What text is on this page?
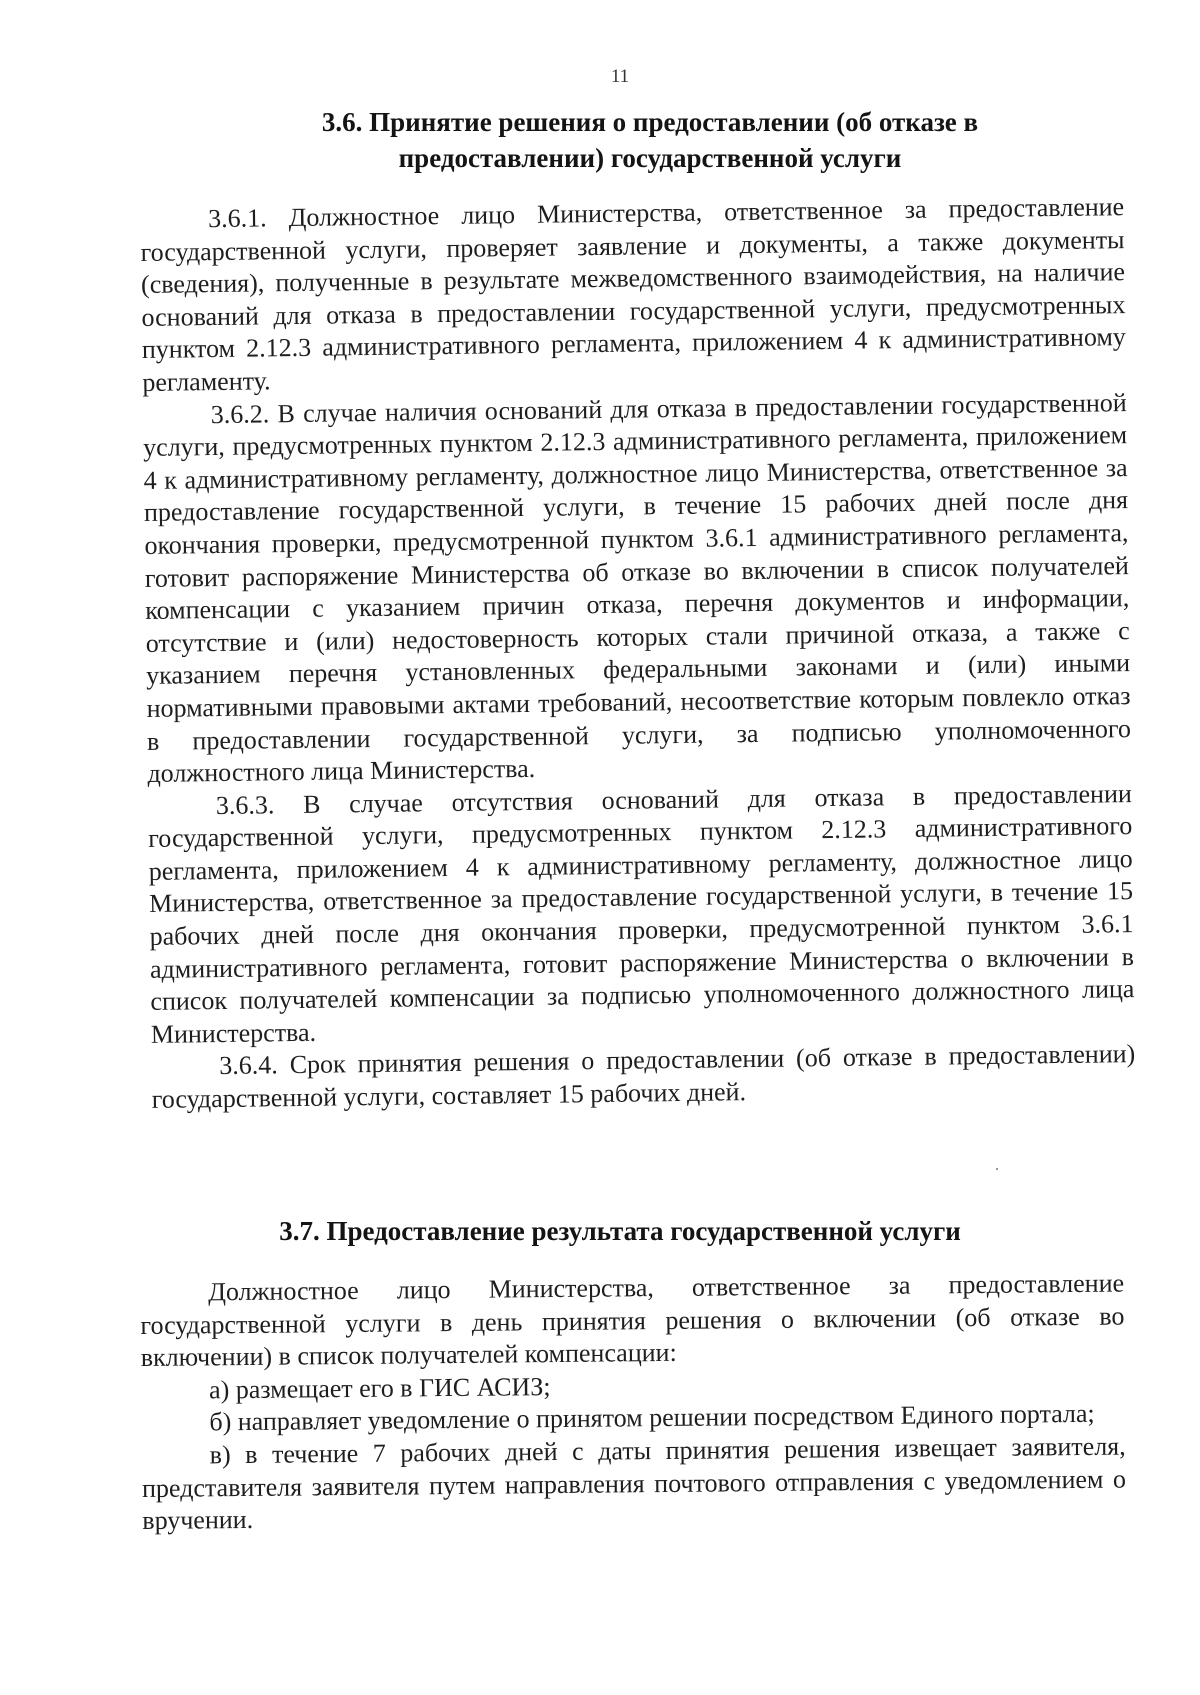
11
3.6. Принятие решения о предоставлении (об отказе в
предоставлении) государственной услуги

3.6.1. Должностное лицо Министерства, ответственное за предоставление государственной услуги, проверяет заявление и документы, а также документы (сведения), полученные в результате межведомственного взаимодействия, на наличие оснований для отказа в предоставлении государственной услуги, предусмотренных пунктом 2.12.3 административного регламента, приложением 4 к административному регламенту.

3.6.2. В случае наличия оснований для отказа в предоставлении государственной услуги, предусмотренных пунктом 2.12.3 административного регламента, приложением 4 к административному регламенту, должностное лицо Министерства, ответственное за предоставление государственной услуги, в течение 15 рабочих дней после дня окончания проверки, предусмотренной пунктом 3.6.1 административного регламента, готовит распоряжение Министерства об отказе во включении в список получателей компенсации с указанием причин отказа, перечня документов и информации, отсутствие и (или) недостоверность которых стали причиной отказа, а также с указанием перечня установленных федеральными законами и (или) иными нормативными правовыми актами требований, несоответствие которым повлекло отказ в предоставлении государственной услуги, за подписью уполномоченного должностного лица Министерства.

3.6.3. В случае отсутствия оснований для отказа в предоставлении государственной услуги, предусмотренных пунктом 2.12.3 административного регламента, приложением 4 к административному регламенту, должностное лицо Министерства, ответственное за предоставление государственной услуги, в течение 15 рабочих дней после дня окончания проверки, предусмотренной пунктом 3.6.1 административного регламента, готовит распоряжение Министерства о включении в список получателей компенсации за подписью уполномоченного должностного лица Министерства.

3.6.4. Срок принятия решения о предоставлении (об отказе в предоставлении) государственной услуги, составляет 15 рабочих дней.

3.7. Предоставление результата государственной услуги

Должностное лицо Министерства, ответственное за предоставление государственной услуги в день принятия решения о включении (об отказе во включении) в список получателей компенсации:

а) размещает его в ГИС АСИЗ;

б) направляет уведомление о принятом решении посредством Единого портала;

в) в течение 7 рабочих дней с даты принятия решения извещает заявителя, представителя заявителя путем направления почтового отправления с уведомлением о вручении.
